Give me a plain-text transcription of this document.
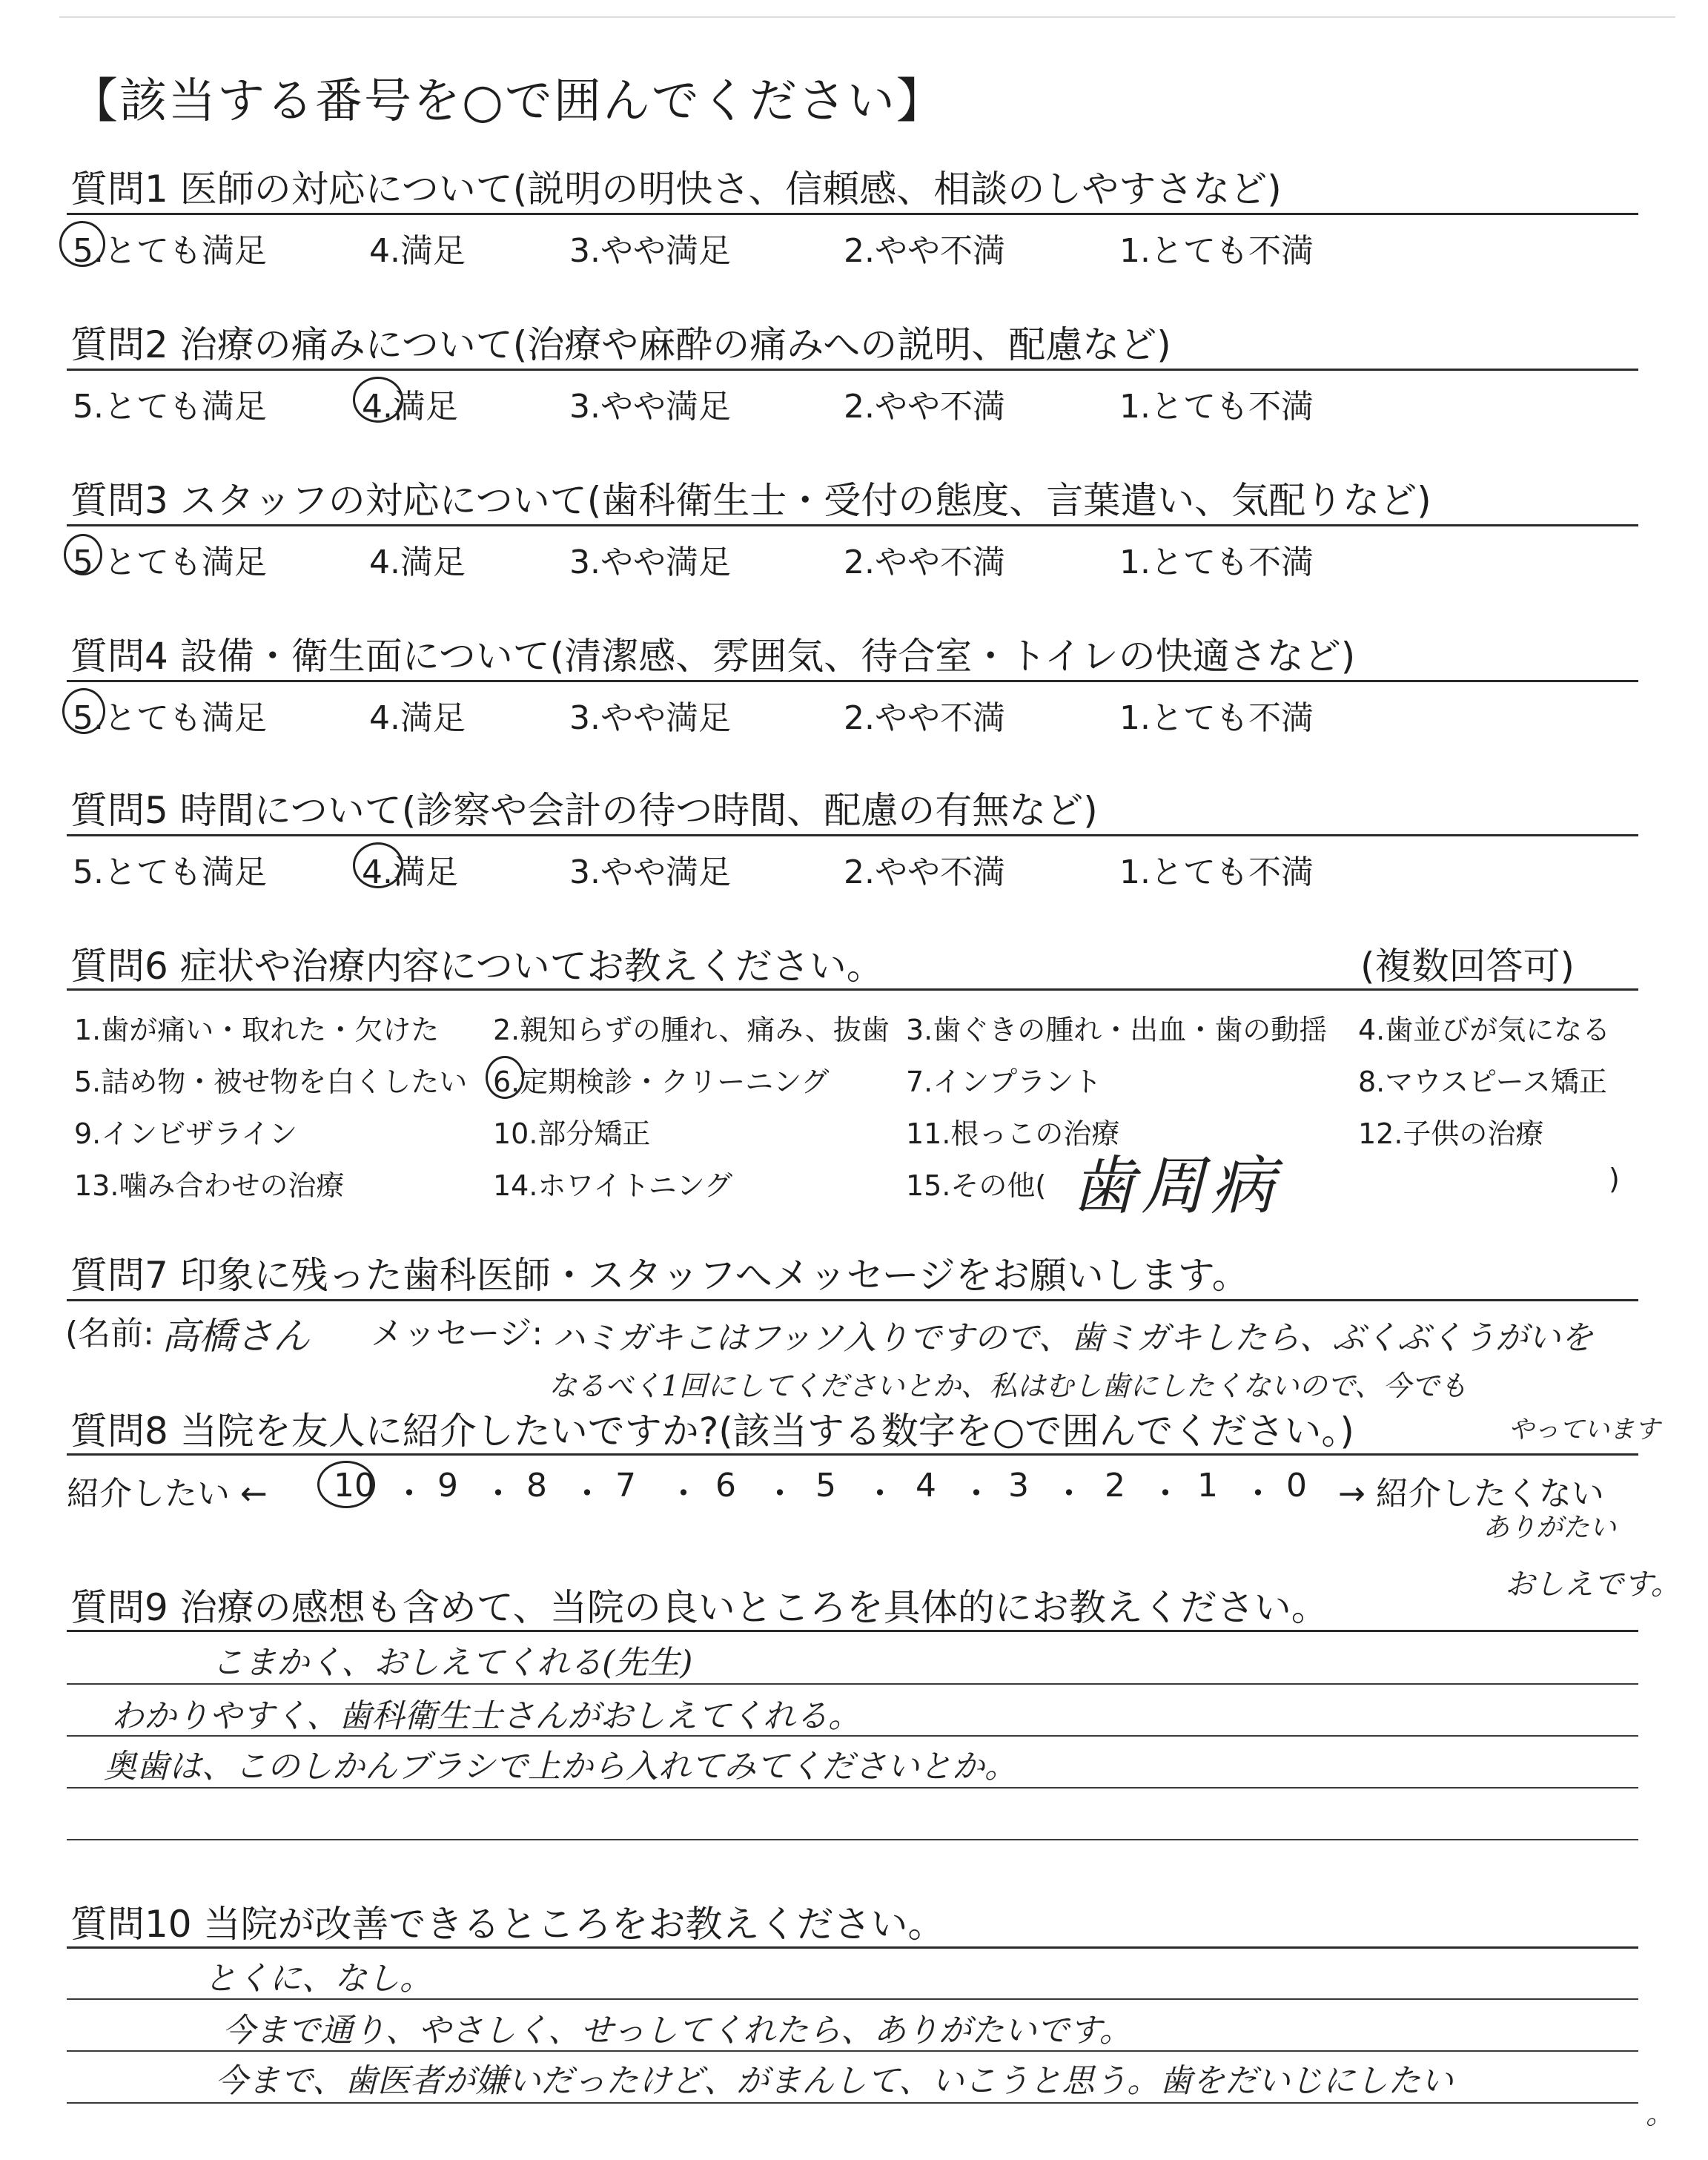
【該当する番号を○で囲んでください】
質問1 医師の対応について(説明の明快さ、信頼感、相談のしやすさなど)
5.とても満足	4.満足	3.やや満足	2.やや不満	1.とても不満
質問2 治療の痛みについて(治療や麻酔の痛みへの説明、配慮など)
5.とても満足	4.満足	3.やや満足	2.やや不満	1.とても不満
質問3 スタッフの対応について(歯科衛生士・受付の態度、言葉遣い、気配りなど)
5 とても満足	4.満足	3.やや満足	2.やや不満	1.とても不満
質問4 設備・衛生面について(清潔感、雰囲気、待合室・トイレの快適さなど)
5.とても満足	4.満足	3.やや満足	2.やや不満	1.とても不満
質問5 時間について(診察や会計の待つ時間、配慮の有無など)
5.とても満足	4.満足	3.やや満足	2.やや不満	1.とても不満
質問6 症状や治療内容についてお教えください。	(複数回答可)
1.歯が痛い・取れた・欠けた 2.親知らずの腫れ、痛み、抜歯 3.歯ぐきの腫れ・出血・歯の動揺 4.歯並びが気になる
5.詰め物・被せ物を白くしたい 6.定期検診・クリーニング	7.インプラント	8.マウスピース矯正
9.インビザライン	10.部分矯正	11.根っこの治療	12.子供の治療
13.噛み合わせの治療	14.ホワイトニング	15.その他( 歯周病	)
質問7 印象に残った歯科医師・スタッフへメッセージをお願いします。
(名前: 高橋さん メッセージ: ハミガキこはフッソ入りですので、歯ミガキしたら、ぶくぶくうがいを
なるべく1回にしてくださいとか、私はむし歯にしたくないので、今でも
やっています
ありがたい
おしえです。
質問8 当院を友人に紹介したいですか?(該当する数字を○で囲んでください。)
紹介したい ← 10 ・ 9 ・ 8 ・ 7 ・ 6 ・ 5 ・ 4 ・ 3 ・ 2 ・ 1 ・ 0 → 紹介したくない
質問9 治療の感想も含めて、当院の良いところを具体的にお教えください。
こまかく、おしえてくれる(先生)
わかりやすく、歯科衛生士さんがおしえてくれる。
奥歯は、このしかんブラシで上から入れてみてくださいとか。
質問10 当院が改善できるところをお教えください。
とくに、なし。
今まで通り、やさしく、せっしてくれたら、ありがたいです。
今まで、歯医者が嫌いだったけど、がまんして、いこうと思う。歯をだいじにしたい
。
